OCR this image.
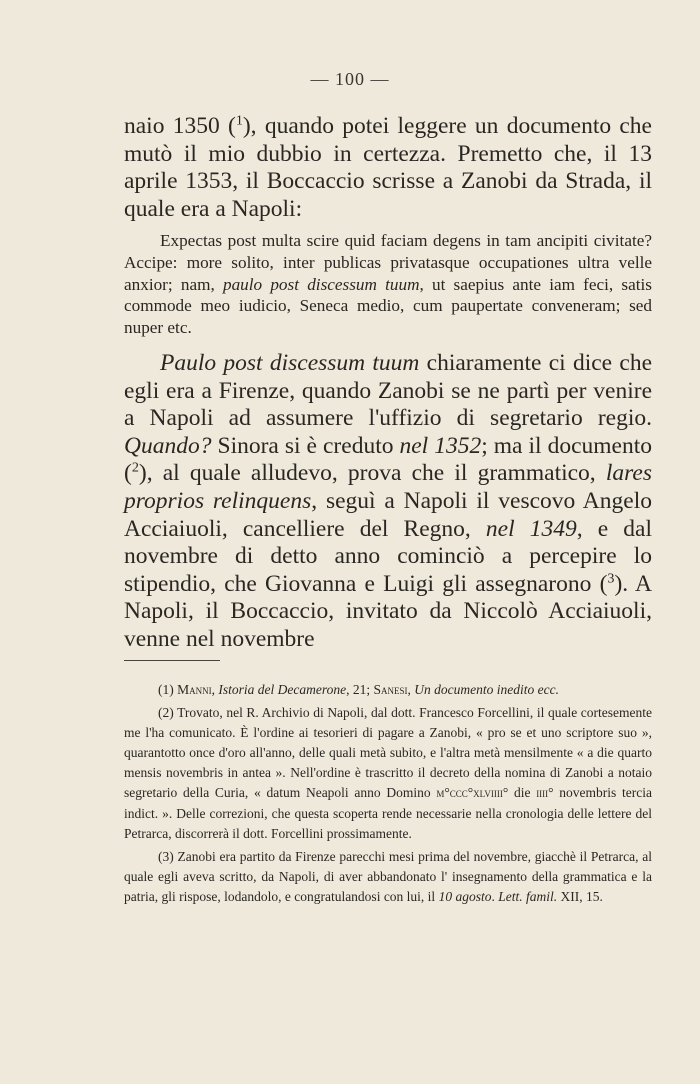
— 100 —

naio 1350 ($^1$), quando potei leggere un documento che mutò il mio dubbio in certezza. Premetto che, il 13 aprile 1353, il Boccaccio scrisse a Zanobi da Strada, il quale era a Napoli:

Expectas post multa scire quid faciam degens in tam ancipiti civitate? Accipe: more solito, inter publicas privatasque occupationes ultra velle anxior; nam, paulo post discessum tuum, ut saepius ante iam feci, satis commode meo iudicio, Seneca medio, cum paupertate conveneram; sed nuper etc.

Paulo post discessum tuum chiaramente ci dice che egli era a Firenze, quando Zanobi se ne partì per venire a Napoli ad assumere l'uffizio di segretario regio. Quando? Sinora si è creduto nel 1352; ma il documento ($^2$), al quale alludevo, prova che il grammatico, lares proprios relinquens, seguì a Napoli il vescovo Angelo Acciaiuoli, cancelliere del Regno, nel 1349, e dal novembre di detto anno cominciò a percepire lo stipendio, che Giovanna e Luigi gli assegnarono ($^3$). A Napoli, il Boccaccio, invitato da Niccolò Acciaiuoli, venne nel novembre

(1) Manni, Istoria del Decamerone, 21; Sanesi, Un documento inedito ecc.

(2) Trovato, nel R. Archivio di Napoli, dal dott. Francesco Forcellini, il quale cortesemente me l'ha comunicato. È l'ordine ai tesorieri di pagare a Zanobi, « pro se et uno scriptore suo », quarantotto once d'oro all'anno, delle quali metà subito, e l'altra metà mensilmente « a die quarto mensis novembris in antea ». Nell'ordine è trascritto il decreto della nomina di Zanobi a notaio segretario della Curia, « datum Neapoli anno Domino m°ccc°xlviiii° die iiii° novembris tercia indict. ». Delle correzioni, che questa scoperta rende necessarie nella cronologia delle lettere del Petrarca, discorrerà il dott. Forcellini prossimamente.

(3) Zanobi era partito da Firenze parecchi mesi prima del novembre, giacchè il Petrarca, al quale egli aveva scritto, da Napoli, di aver abbandonato l' insegnamento della grammatica e la patria, gli rispose, lodandolo, e congratulandosi con lui, il 10 agosto. Lett. famil. XII, 15.
